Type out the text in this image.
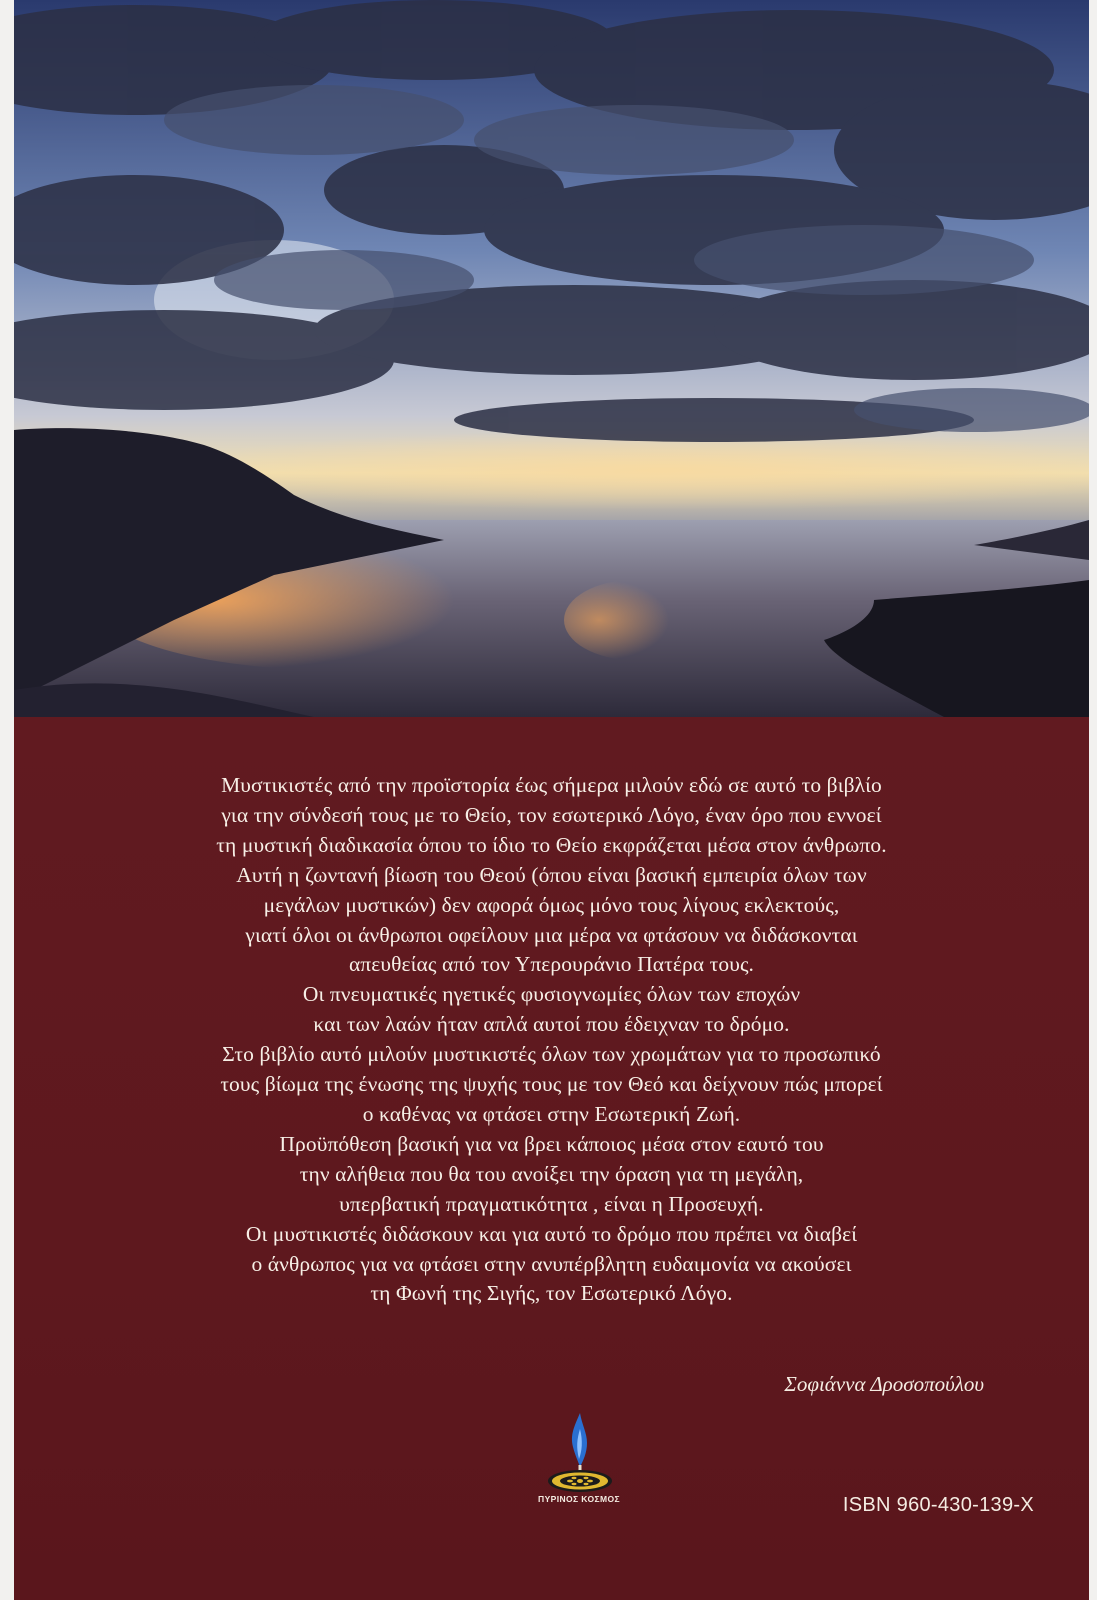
Μυστικιστές από την προϊστορία έως σήμερα μιλούν εδώ σε αυτό το βιβλίο
για την σύνδεσή τους με το Θείο, τον εσωτερικό Λόγο, έναν όρο που εννοεί
τη μυστική διαδικασία όπου το ίδιο το Θείο εκφράζεται μέσα στον άνθρωπο.
Αυτή η ζωντανή βίωση του Θεού (όπου είναι βασική εμπειρία όλων των
μεγάλων μυστικών) δεν αφορά όμως μόνο τους λίγους εκλεκτούς,
γιατί όλοι οι άνθρωποι οφείλουν μια μέρα να φτάσουν να διδάσκονται
απευθείας από τον Υπερουράνιο Πατέρα τους.
Οι πνευματικές ηγετικές φυσιογνωμίες όλων των εποχών
και των λαών ήταν απλά αυτοί που έδειχναν το δρόμο.
Στο βιβλίο αυτό μιλούν μυστικιστές όλων των χρωμάτων για το προσωπικό
τους βίωμα της ένωσης της ψυχής τους με τον Θεό και δείχνουν πώς μπορεί
ο καθένας να φτάσει στην Εσωτερική Ζωή.
Προϋπόθεση βασική για να βρει κάποιος μέσα στον εαυτό του
την αλήθεια που θα του ανοίξει την όραση για τη μεγάλη,
υπερβατική πραγματικότητα , είναι η Προσευχή.
Οι μυστικιστές διδάσκουν και για αυτό το δρόμο που πρέπει να διαβεί
ο άνθρωπος για να φτάσει στην ανυπέρβλητη ευδαιμονία να ακούσει
τη Φωνή της Σιγής, τον Εσωτερικό Λόγο.
Σοφιάννα Δροσοπούλου
ΠΥΡΙΝΟΣ ΚΟΣΜΟΣ	ISBN 960-430-139-X
